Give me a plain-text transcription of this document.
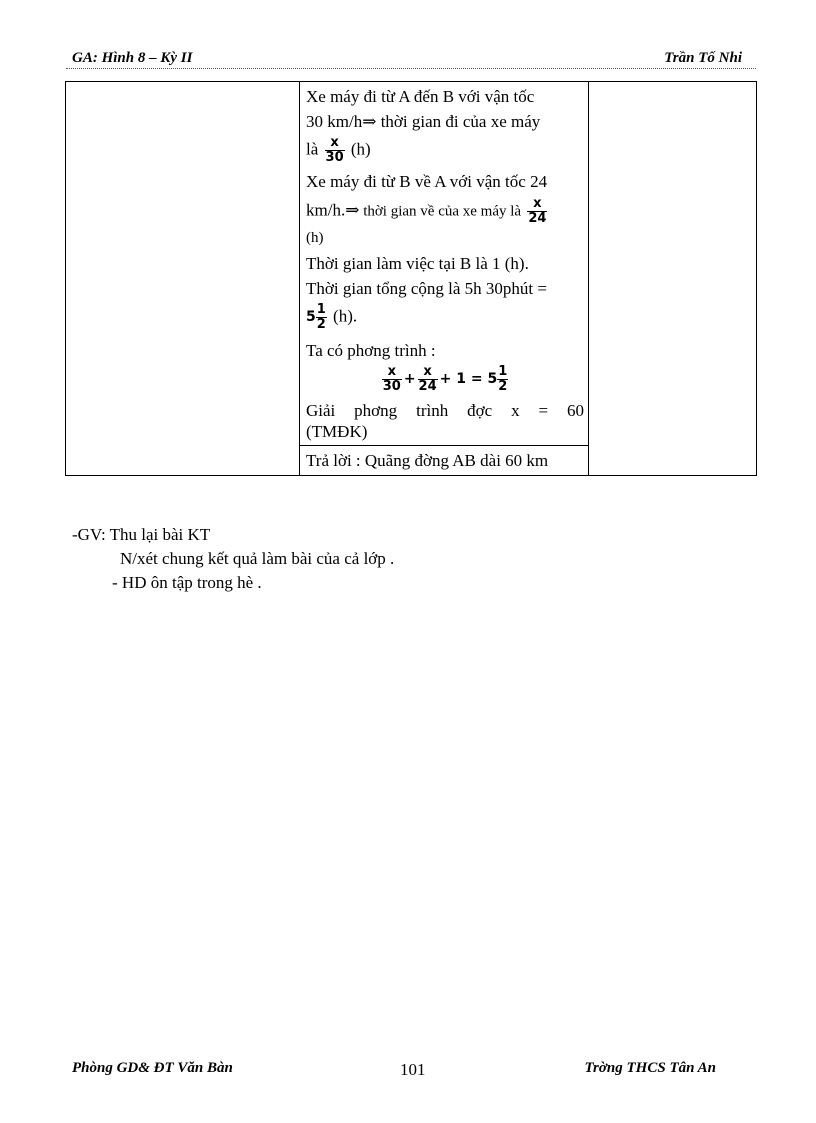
GA: Hình 8 – Kỳ II	Trần Tố Nhi

Xe máy đi từ A đến B với vận tốc

30 km/h⇒ thời gian đi của xe máy

là $\frac{x}{30} (h)$

Xe máy đi từ B về A với vận tốc 24

km/h.⇒ thời gian về của xe máy là $\frac{x}{24}$

(h)

Thời gian làm việc tại B là 1 (h).

Thời gian tổng cộng là 5h 30phút =

$5 \frac{1}{2} (h)$.

Ta có phơng trình :

$\frac{x}{30} + \frac{x}{24} + 1 = 5 \frac{1}{2}$

Giải phơng trình đợc x = 60

(TMĐK)

Trả lời : Quãng đờng AB dài 60 km

-GV: Thu lại bài KT

N/xét chung kết quả làm bài của cả lớp .

- HD ôn tập trong hè .

Phòng GD& ĐT Văn Bàn	101	Trờng THCS Tân An
